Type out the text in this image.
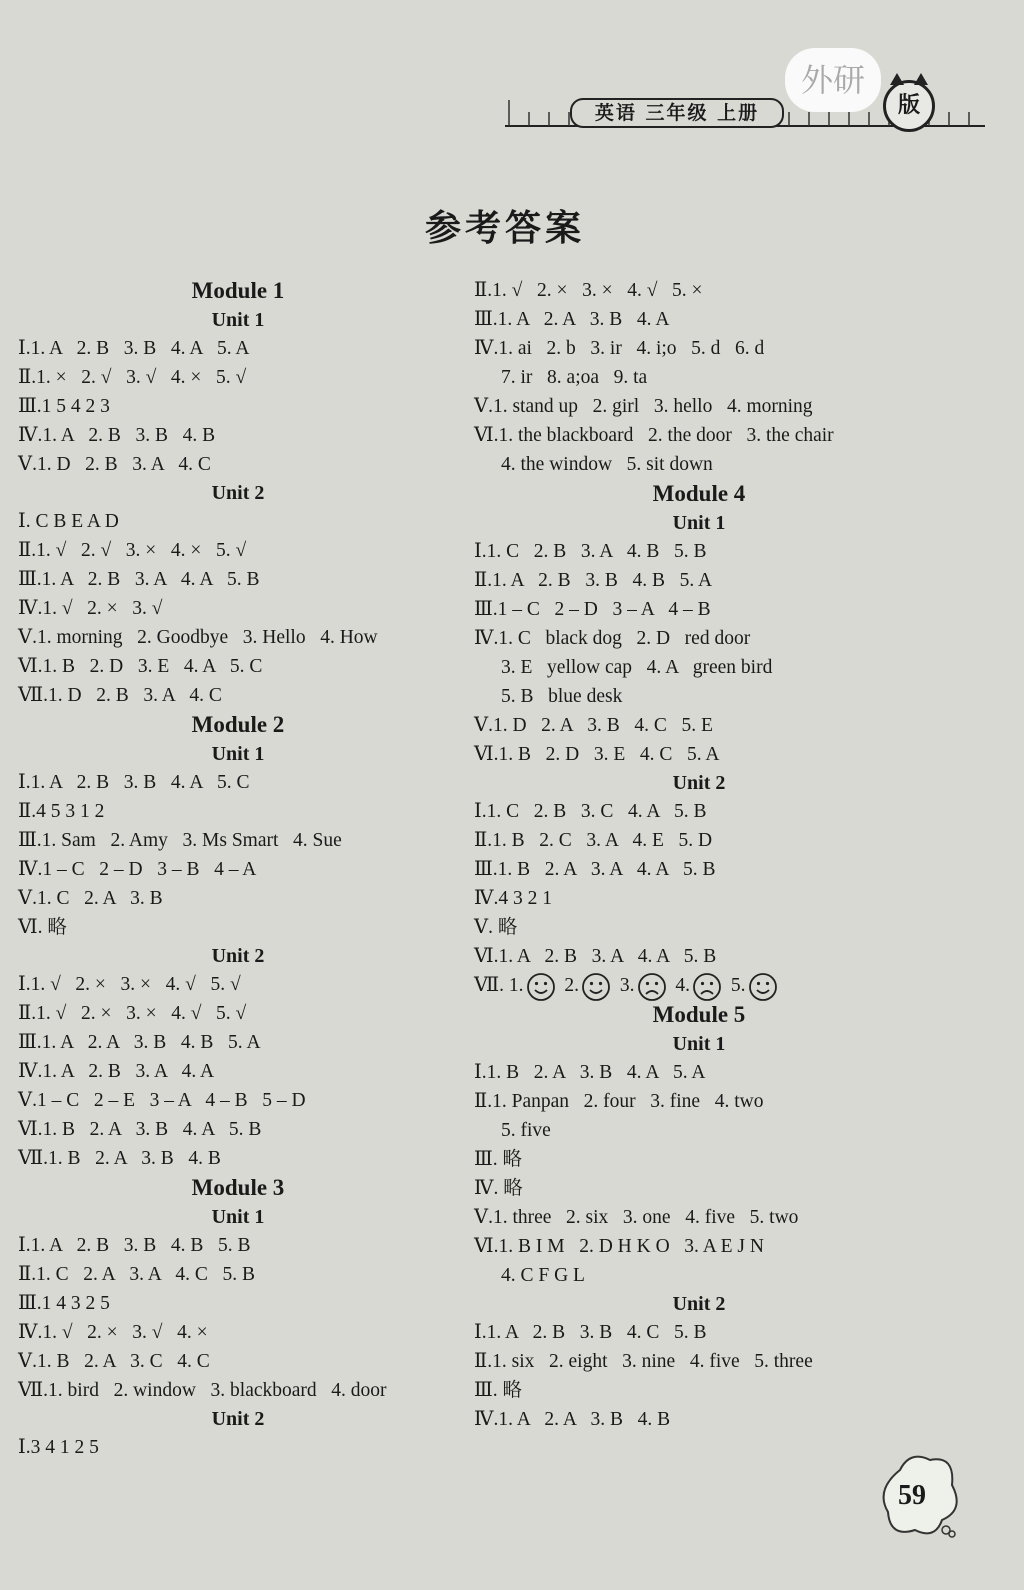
英语 三年级 上册
外研
版
参考答案
Module 1
Unit 1
Ⅰ.1. A   2. B   3. B   4. A   5. A
Ⅱ.1. ×   2. √   3. √   4. ×   5. √
Ⅲ.1 5 4 2 3
Ⅳ.1. A   2. B   3. B   4. B
Ⅴ.1. D   2. B   3. A   4. C
Unit 2
Ⅰ. C B E A D
Ⅱ.1. √   2. √   3. ×   4. ×   5. √
Ⅲ.1. A   2. B   3. A   4. A   5. B
Ⅳ.1. √   2. ×   3. √
Ⅴ.1. morning   2. Goodbye   3. Hello   4. How
Ⅵ.1. B   2. D   3. E   4. A   5. C
Ⅶ.1. D   2. B   3. A   4. C
Module 2
Unit 1
Ⅰ.1. A   2. B   3. B   4. A   5. C
Ⅱ.4 5 3 1 2
Ⅲ.1. Sam   2. Amy   3. Ms Smart   4. Sue
Ⅳ.1 – C   2 – D   3 – B   4 – A
Ⅴ.1. C   2. A   3. B
Ⅵ. 略
Unit 2
Ⅰ.1. √   2. ×   3. ×   4. √   5. √
Ⅱ.1. √   2. ×   3. ×   4. √   5. √
Ⅲ.1. A   2. A   3. B   4. B   5. A
Ⅳ.1. A   2. B   3. A   4. A
Ⅴ.1 – C   2 – E   3 – A   4 – B   5 – D
Ⅵ.1. B   2. A   3. B   4. A   5. B
Ⅶ.1. B   2. A   3. B   4. B
Module 3
Unit 1
Ⅰ.1. A   2. B   3. B   4. B   5. B
Ⅱ.1. C   2. A   3. A   4. C   5. B
Ⅲ.1 4 3 2 5
Ⅳ.1. √   2. ×   3. √   4. ×
Ⅴ.1. B   2. A   3. C   4. C
Ⅶ.1. bird   2. window   3. blackboard   4. door
Unit 2
Ⅰ.3 4 1 2 5
Ⅱ.1. √   2. ×   3. ×   4. √   5. ×
Ⅲ.1. A   2. A   3. B   4. A
Ⅳ.1. ai   2. b   3. ir   4. i;o   5. d   6. d
7. ir   8. a;oa   9. ta
Ⅴ.1. stand up   2. girl   3. hello   4. morning
Ⅵ.1. the blackboard   2. the door   3. the chair
4. the window   5. sit down
Module 4
Unit 1
Ⅰ.1. C   2. B   3. A   4. B   5. B
Ⅱ.1. A   2. B   3. B   4. B   5. A
Ⅲ.1 – C   2 – D   3 – A   4 – B
Ⅳ.1. C   black dog   2. D   red door
3. E   yellow cap   4. A   green bird
5. B   blue desk
Ⅴ.1. D   2. A   3. B   4. C   5. E
Ⅵ.1. B   2. D   3. E   4. C   5. A
Unit 2
Ⅰ.1. C   2. B   3. C   4. A   5. B
Ⅱ.1. B   2. C   3. A   4. E   5. D
Ⅲ.1. B   2. A   3. A   4. A   5. B
Ⅳ.4 3 2 1
Ⅴ. 略
Ⅵ.1. A   2. B   3. A   4. A   5. B
Ⅶ. 1. 2. 3. 4. 5.
Module 5
Unit 1
Ⅰ.1. B   2. A   3. B   4. A   5. A
Ⅱ.1. Panpan   2. four   3. fine   4. two
5. five
Ⅲ. 略
Ⅳ. 略
Ⅴ.1. three   2. six   3. one   4. five   5. two
Ⅵ.1. B I M   2. D H K O   3. A E J N
4. C F G L
Unit 2
Ⅰ.1. A   2. B   3. B   4. C   5. B
Ⅱ.1. six   2. eight   3. nine   4. five   5. three
Ⅲ. 略
Ⅳ.1. A   2. A   3. B   4. B
59
